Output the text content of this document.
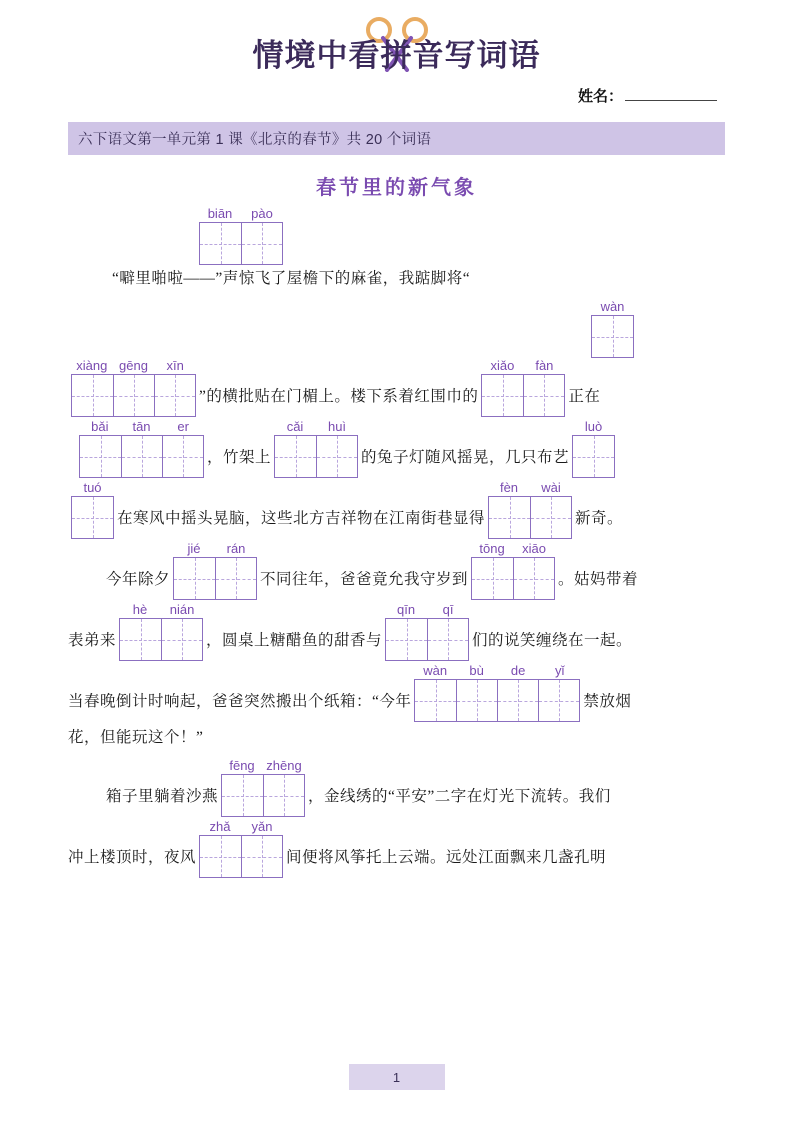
情境中看拼音写词语
姓名：
六下语文第一单元第 1 课《北京的春节》共 20 个词语
春节里的新气象
biān	pào
“噼里啪啦——” 声惊飞了屋檐下的麻雀，我踮脚将“
wàn
xiàng gēng	xīn
”的横批贴在门楣上。楼下系着红围巾的
xiǎo	fàn
正在
bǎi	tān	er
，竹架上
cǎi	huì
的兔子灯随风摇晃，几只布艺
luò
tuó
在寒风中摇头晃脑，这些北方吉祥物在江南街巷显得
fèn	wài
新奇。
今年除夕
jié	rán
不同往年，爸爸竟允我守岁到
tōng	xiāo
。姑妈带着
表弟来
hè	nián
，圆桌上糖醋鱼的甜香与
qīn	qī
们的说笑缠绕在一起。
当春晚倒计时响起，爸爸突然搬出个纸箱：“今年
wàn	bù	de	yǐ
禁放烟
花，但能玩这个！”
箱子里躺着沙燕
fēng zhēng
，金线绣的“平安”二字在灯光下流转。我们
冲上楼顶时，夜风
zhǎ	yǎn
间便将风筝托上云端。远处江面飘来几盏孔明
1
